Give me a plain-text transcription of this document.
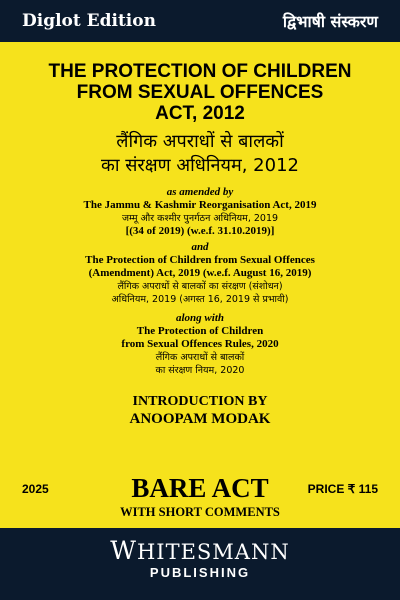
Diglot Edition	द्विभाषी संस्करण
THE PROTECTION OF CHILDREN
FROM SEXUAL OFFENCES
ACT, 2012
लैंगिक अपराधों से बालकों
का संरक्षण अधिनियम, 2012
as amended by
The Jammu & Kashmir Reorganisation Act, 2019
जम्मू और कश्मीर पुनर्गठन अधिनियम, 2019
[(34 of 2019) (w.e.f. 31.10.2019)]
and
The Protection of Children from Sexual Offences
(Amendment) Act, 2019 (w.e.f. August 16, 2019)
लैंगिक अपराधों से बालकों का संरक्षण (संशोधन)
अधिनियम, 2019 (अगस्त 16, 2019 से प्रभावी)
along with
The Protection of Children
from Sexual Offences Rules, 2020
लैंगिक अपराधों से बालकों
का संरक्षण नियम, 2020
INTRODUCTION BY
ANOOPAM MODAK
2025	BARE ACT	PRICE ₹ 115
WITH SHORT COMMENTS
WHITESMANN
PUBLISHING
